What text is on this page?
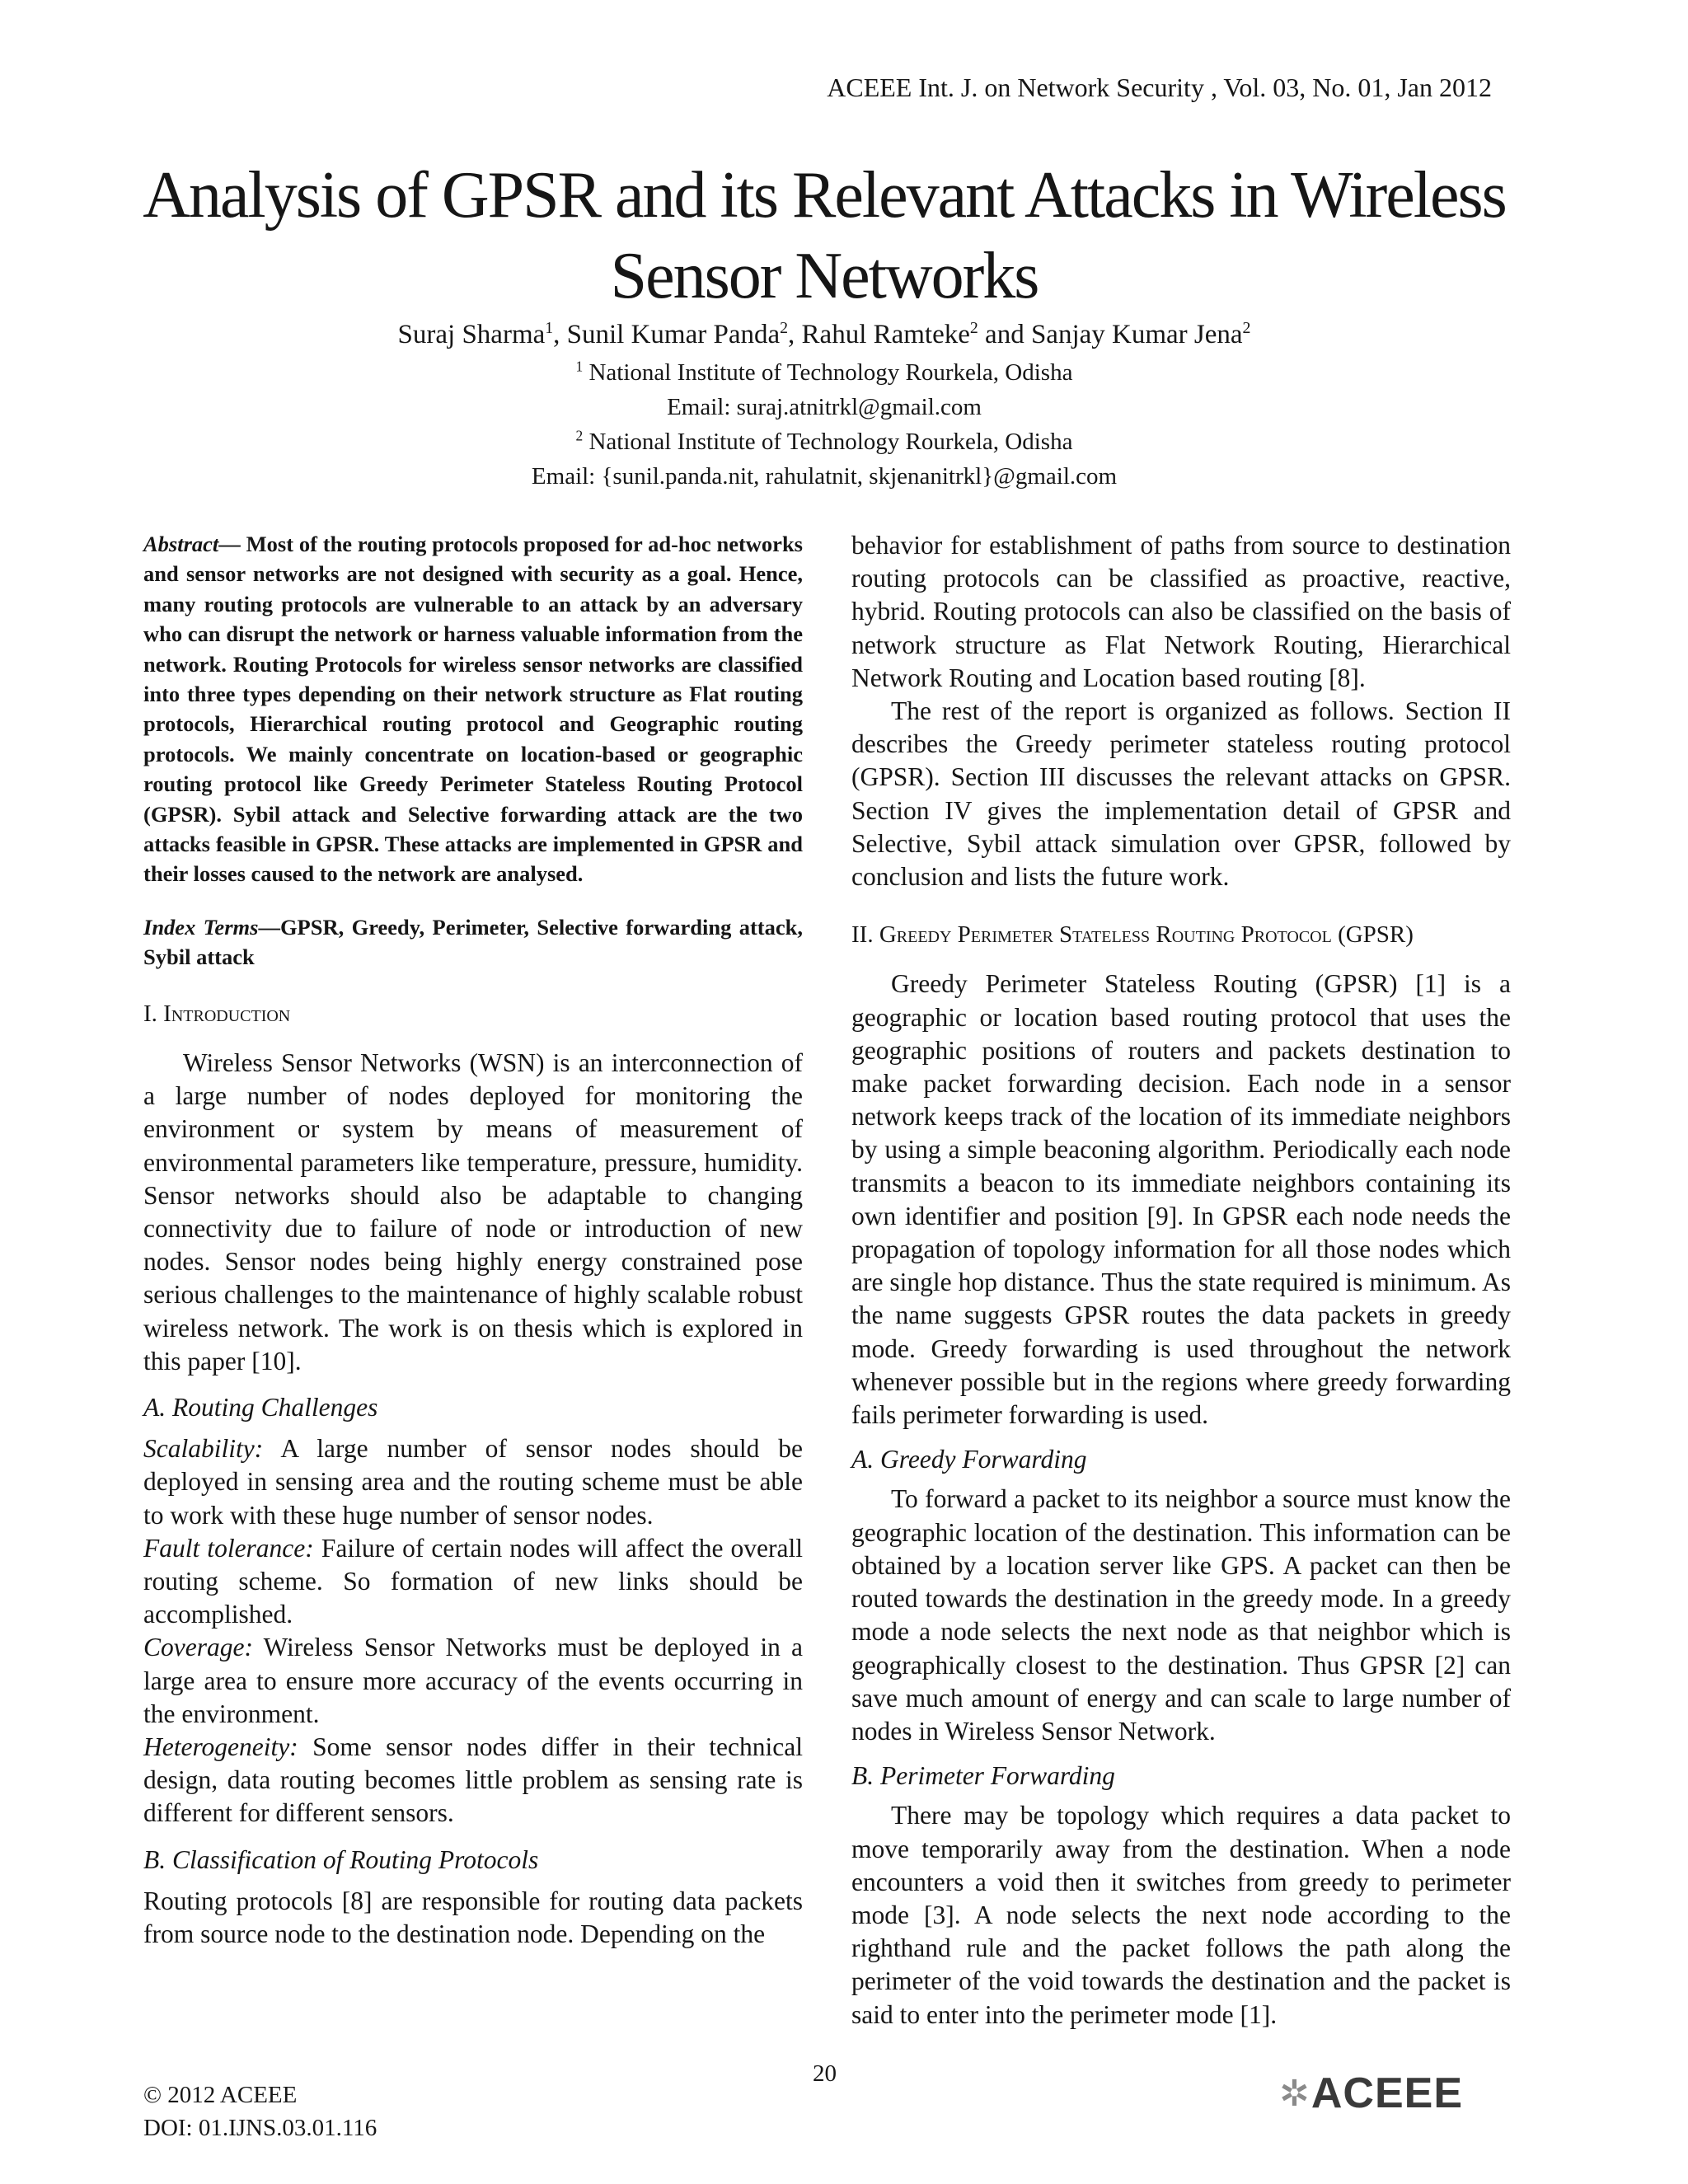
ACEEE Int. J. on Network Security , Vol. 03, No. 01, Jan 2012
Analysis of GPSR and its Relevant Attacks in Wireless
Sensor Networks
Suraj Sharma$^1$, Sunil Kumar Panda$^2$, Rahul Ramteke$^2$ and Sanjay Kumar Jena$^2$
$^1$ National Institute of Technology Rourkela, Odisha
Email: suraj.atnitrkl@gmail.com
$^2$ National Institute of Technology Rourkela, Odisha
Email: {sunil.panda.nit, rahulatnit, skjenanitrkl}@gmail.com

Abstract— Most of the routing protocols proposed for ad-hoc networks and sensor networks are not designed with security as a goal. Hence, many routing protocols are vulnerable to an attack by an adversary who can disrupt the network or harness valuable information from the network. Routing Protocols for wireless sensor networks are classified into three types depending on their network structure as Flat routing protocols, Hierarchical routing protocol and Geographic routing protocols. We mainly concentrate on location-based or geographic routing protocol like Greedy Perimeter Stateless Routing Protocol (GPSR). Sybil attack and Selective forwarding attack are the two attacks feasible in GPSR. These attacks are implemented in GPSR and their losses caused to the network are analysed.

Index Terms—GPSR, Greedy, Perimeter, Selective forwarding attack, Sybil attack

I. Introduction

Wireless Sensor Networks (WSN) is an interconnection of a large number of nodes deployed for monitoring the environment or system by means of measurement of environmental parameters like temperature, pressure, humidity. Sensor networks should also be adaptable to changing connectivity due to failure of node or introduction of new nodes. Sensor nodes being highly energy constrained pose serious challenges to the maintenance of highly scalable robust wireless network. The work is on thesis which is explored in this paper [10].

A. Routing Challenges

Scalability: A large number of sensor nodes should be deployed in sensing area and the routing scheme must be able to work with these huge number of sensor nodes.

Fault tolerance: Failure of certain nodes will affect the overall routing scheme. So formation of new links should be accomplished.

Coverage: Wireless Sensor Networks must be deployed in a large area to ensure more accuracy of the events occurring in the environment.

Heterogeneity: Some sensor nodes differ in their technical design, data routing becomes little problem as sensing rate is different for different sensors.

B. Classification of Routing Protocols

Routing protocols [8] are responsible for routing data packets from source node to the destination node. Depending on the

behavior for establishment of paths from source to destination routing protocols can be classified as proactive, reactive, hybrid. Routing protocols can also be classified on the basis of network structure as Flat Network Routing, Hierarchical Network Routing and Location based routing [8].

The rest of the report is organized as follows. Section II describes the Greedy perimeter stateless routing protocol (GPSR). Section III discusses the relevant attacks on GPSR. Section IV gives the implementation detail of GPSR and Selective, Sybil attack simulation over GPSR, followed by conclusion and lists the future work.

II. Greedy Perimeter Stateless Routing Protocol (GPSR)

Greedy Perimeter Stateless Routing (GPSR) [1] is a geographic or location based routing protocol that uses the geographic positions of routers and packets destination to make packet forwarding decision. Each node in a sensor network keeps track of the location of its immediate neighbors by using a simple beaconing algorithm. Periodically each node transmits a beacon to its immediate neighbors containing its own identifier and position [9]. In GPSR each node needs the propagation of topology information for all those nodes which are single hop distance. Thus the state required is minimum. As the name suggests GPSR routes the data packets in greedy mode. Greedy forwarding is used throughout the network whenever possible but in the regions where greedy forwarding fails perimeter forwarding is used.

A. Greedy Forwarding

To forward a packet to its neighbor a source must know the geographic location of the destination. This information can be obtained by a location server like GPS. A packet can then be routed towards the destination in the greedy mode. In a greedy mode a node selects the next node as that neighbor which is geographically closest to the destination. Thus GPSR [2] can save much amount of energy and can scale to large number of nodes in Wireless Sensor Network.

B. Perimeter Forwarding

There may be topology which requires a data packet to move temporarily away from the destination. When a node encounters a void then it switches from greedy to perimeter mode [3]. A node selects the next node according to the righthand rule and the packet follows the path along the perimeter of the void towards the destination and the packet is said to enter into the perimeter mode [1].

© 2012 ACEEE
DOI: 01.IJNS.03.01.116
20	✲ ACEEE
